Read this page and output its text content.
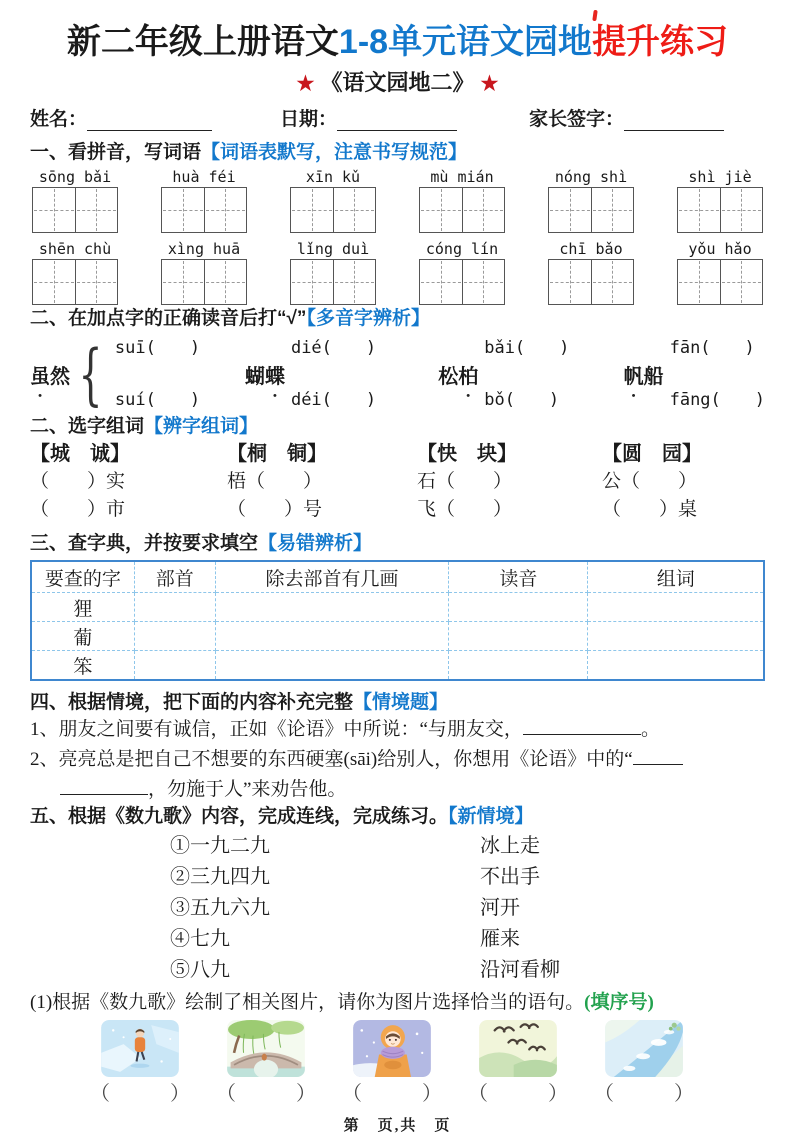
新二年级上册语文1-8单元语文园地提升练习
★ 《语文园地二》 ★
姓名：	日期：	家长签字：
一、看拼音，写词语【词语表默写，注意书写规范】
sōng bǎi	huà féi	xīn kǔ	mù mián	nóng shì	shì jiè
shēn chù	xìng huā	lǐng duì	cóng lín	chī bǎo	yǒu hǎo
二、在加点字的正确读音后打“√”【多音字辨析】
虽然 { suī(　　)
suí(　　)
蝴蝶
dié(　　)
déi(　　)
松柏
bǎi(　　)
bǒ(　　)
帆船
fān(　　)
fāng(　　)
二、选字组词【辨字组词】
【城　诚】	【桐　铜】	【快　块】	【圆　园】
（　　）实	梧（　　）	石（　　）	公（　　）
（　　）市	（　　）号	飞（　　）	（　　）桌
三、查字典，并按要求填空【易错辨析】
要查的字	部首	除去部首有几画	读音	组词
狸				
葡				
笨				
四、根据情境，把下面的内容补充完整【情境题】
1、朋友之间要有诚信，正如《论语》中所说：“与朋友交，	。
2、亮亮总是把自己不想要的东西硬塞(sāi)给别人，你想用《论语》中的“
，勿施于人”来劝告他。
五、根据《数九歌》内容，完成连线，完成练习。【新情境】
①一九二九	冰上走
②三九四九	不出手
③五九六九	河开
④七九	雁来
⑤八九	沿河看柳
(1)根据《数九歌》绘制了相关图片，请你为图片选择恰当的语句。(填序号)
（　　　） （　　　） （　　　） （　　　） （　　　）
第　页,共　页
